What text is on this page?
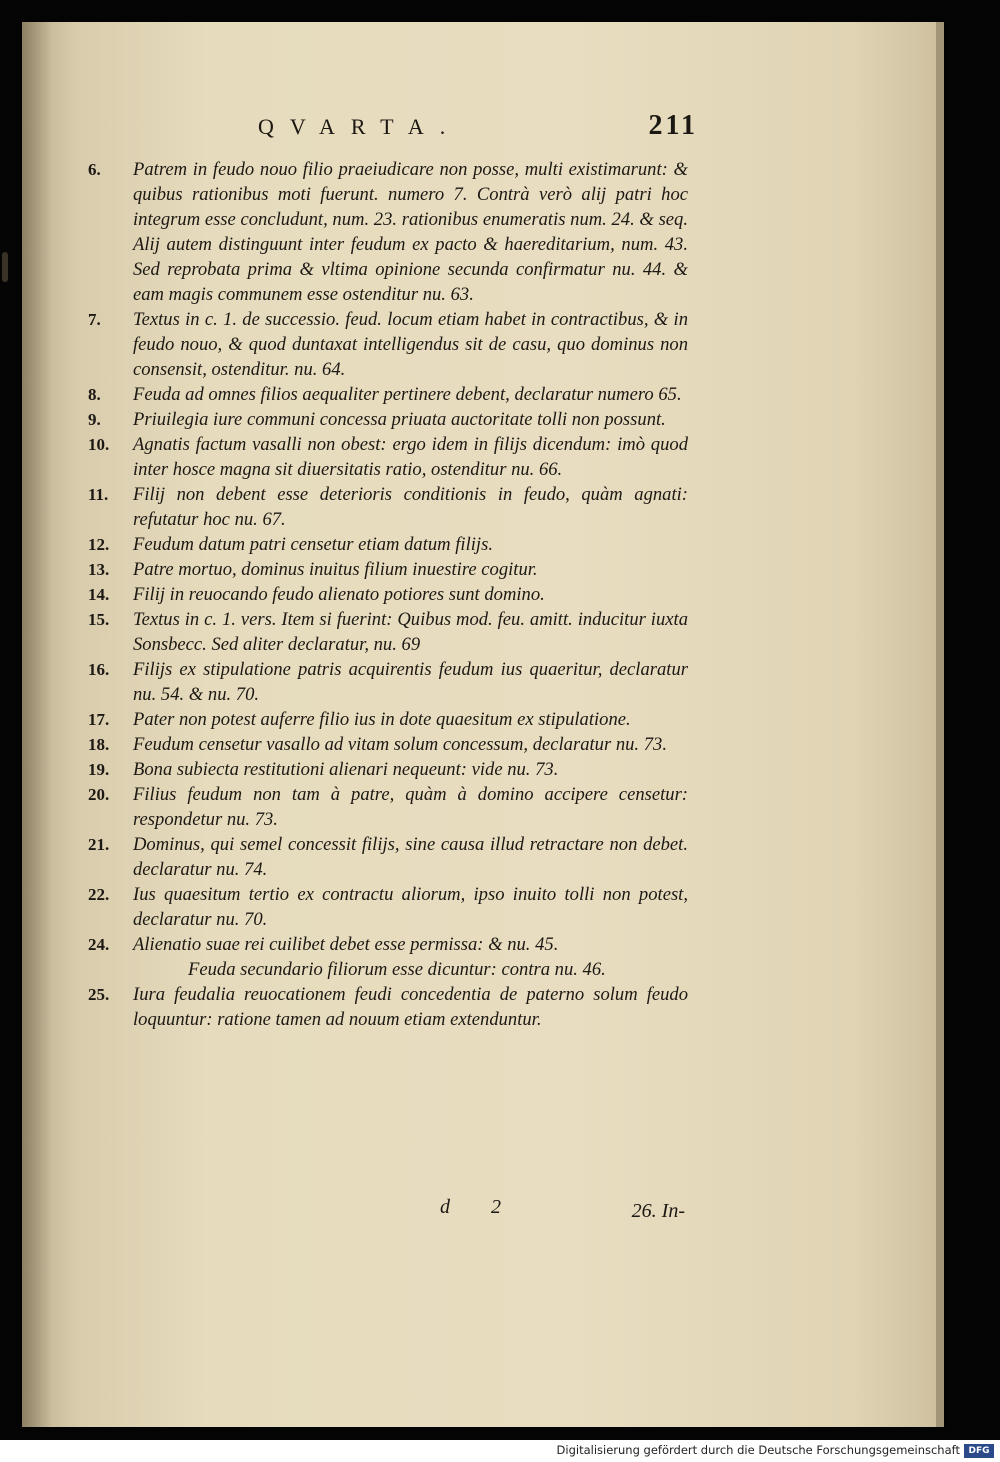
QVARTA.	211

6. Patrem in feudo nouo filio praeiudicare non posse, multi existimarunt: & quibus rationibus moti fuerunt. numero 7. Contrà verò alij patri hoc integrum esse concludunt, num. 23. rationibus enumeratis num. 24. & seq. Alij autem distinguunt inter feudum ex pacto & haereditarium, num. 43. Sed reprobata prima & vltima opinione secunda confirmatur nu. 44. & eam magis communem esse ostenditur nu. 63.

7. Textus in c. 1. de successio. feud. locum etiam habet in contractibus, & in feudo nouo, & quod duntaxat intelligendus sit de casu, quo dominus non consensit, ostenditur. nu. 64.

8. Feuda ad omnes filios aequaliter pertinere debent, declaratur numero 65.

9. Priuilegia iure communi concessa priuata auctoritate tolli non possunt.

10. Agnatis factum vasalli non obest: ergo idem in filijs dicendum: imò quod inter hosce magna sit diuersitatis ratio, ostenditur nu. 66.

11. Filij non debent esse deterioris conditionis in feudo, quàm agnati: refutatur hoc nu. 67.

12. Feudum datum patri censetur etiam datum filijs.

13. Patre mortuo, dominus inuitus filium inuestire cogitur.

14. Filij in reuocando feudo alienato potiores sunt domino.

15. Textus in c. 1. vers. Item si fuerint: Quibus mod. feu. amitt. inducitur iuxta Sonsbecc. Sed aliter declaratur, nu. 69

16. Filijs ex stipulatione patris acquirentis feudum ius quaeritur, declaratur nu. 54. & nu. 70.

17. Pater non potest auferre filio ius in dote quaesitum ex stipulatione.

18. Feudum censetur vasallo ad vitam solum concessum, declaratur nu. 73.

19. Bona subiecta restitutioni alienari nequeunt: vide nu. 73.

20. Filius feudum non tam à patre, quàm à domino accipere censetur: respondetur nu. 73.

21. Dominus, qui semel concessit filijs, sine causa illud retractare non debet. declaratur nu. 74.

22. Ius quaesitum tertio ex contractu aliorum, ipso inuito tolli non potest, declaratur nu. 70.

24. Alienatio suae rei cuilibet debet esse permissa: & nu. 45.

Feuda secundario filiorum esse dicuntur: contra nu. 46.

25. Iura feudalia reuocationem feudi concedentia de paterno solum feudo loquuntur: ratione tamen ad nouum etiam extenduntur.

d 2	26. In-
Digitalisierung gefördert durch die Deutsche Forschungsgemeinschaft DFG
